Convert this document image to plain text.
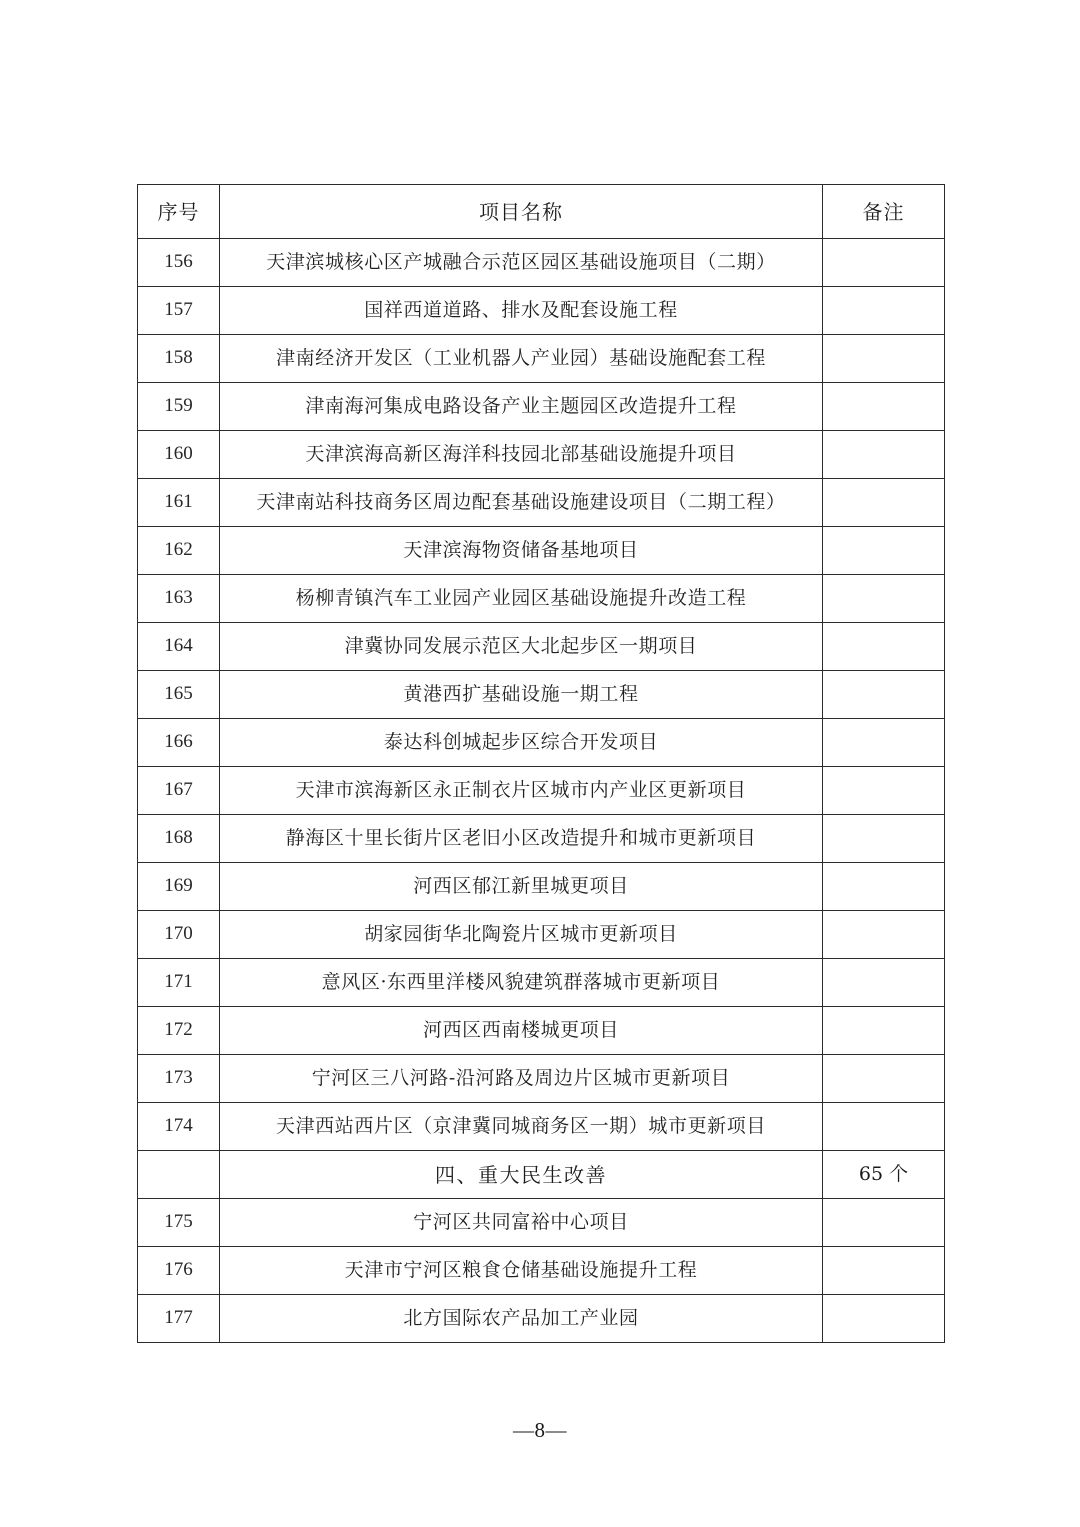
序号	项目名称	备注
156	天津滨城核心区产城融合示范区园区基础设施项目（二期）	
157	国祥西道道路、排水及配套设施工程	
158	津南经济开发区（工业机器人产业园）基础设施配套工程	
159	津南海河集成电路设备产业主题园区改造提升工程	
160	天津滨海高新区海洋科技园北部基础设施提升项目	
161	天津南站科技商务区周边配套基础设施建设项目（二期工程）	
162	天津滨海物资储备基地项目	
163	杨柳青镇汽车工业园产业园区基础设施提升改造工程	
164	津冀协同发展示范区大北起步区一期项目	
165	黄港西扩基础设施一期工程	
166	泰达科创城起步区综合开发项目	
167	天津市滨海新区永正制衣片区城市内产业区更新项目	
168	静海区十里长街片区老旧小区改造提升和城市更新项目	
169	河西区郁江新里城更项目	
170	胡家园街华北陶瓷片区城市更新项目	
171	意风区·东西里洋楼风貌建筑群落城市更新项目	
172	河西区西南楼城更项目	
173	宁河区三八河路-沿河路及周边片区城市更新项目	
174	天津西站西片区（京津冀同城商务区一期）城市更新项目	
	四、重大民生改善	65 个
175	宁河区共同富裕中心项目	
176	天津市宁河区粮食仓储基础设施提升工程	
177	北方国际农产品加工产业园	
—8—
